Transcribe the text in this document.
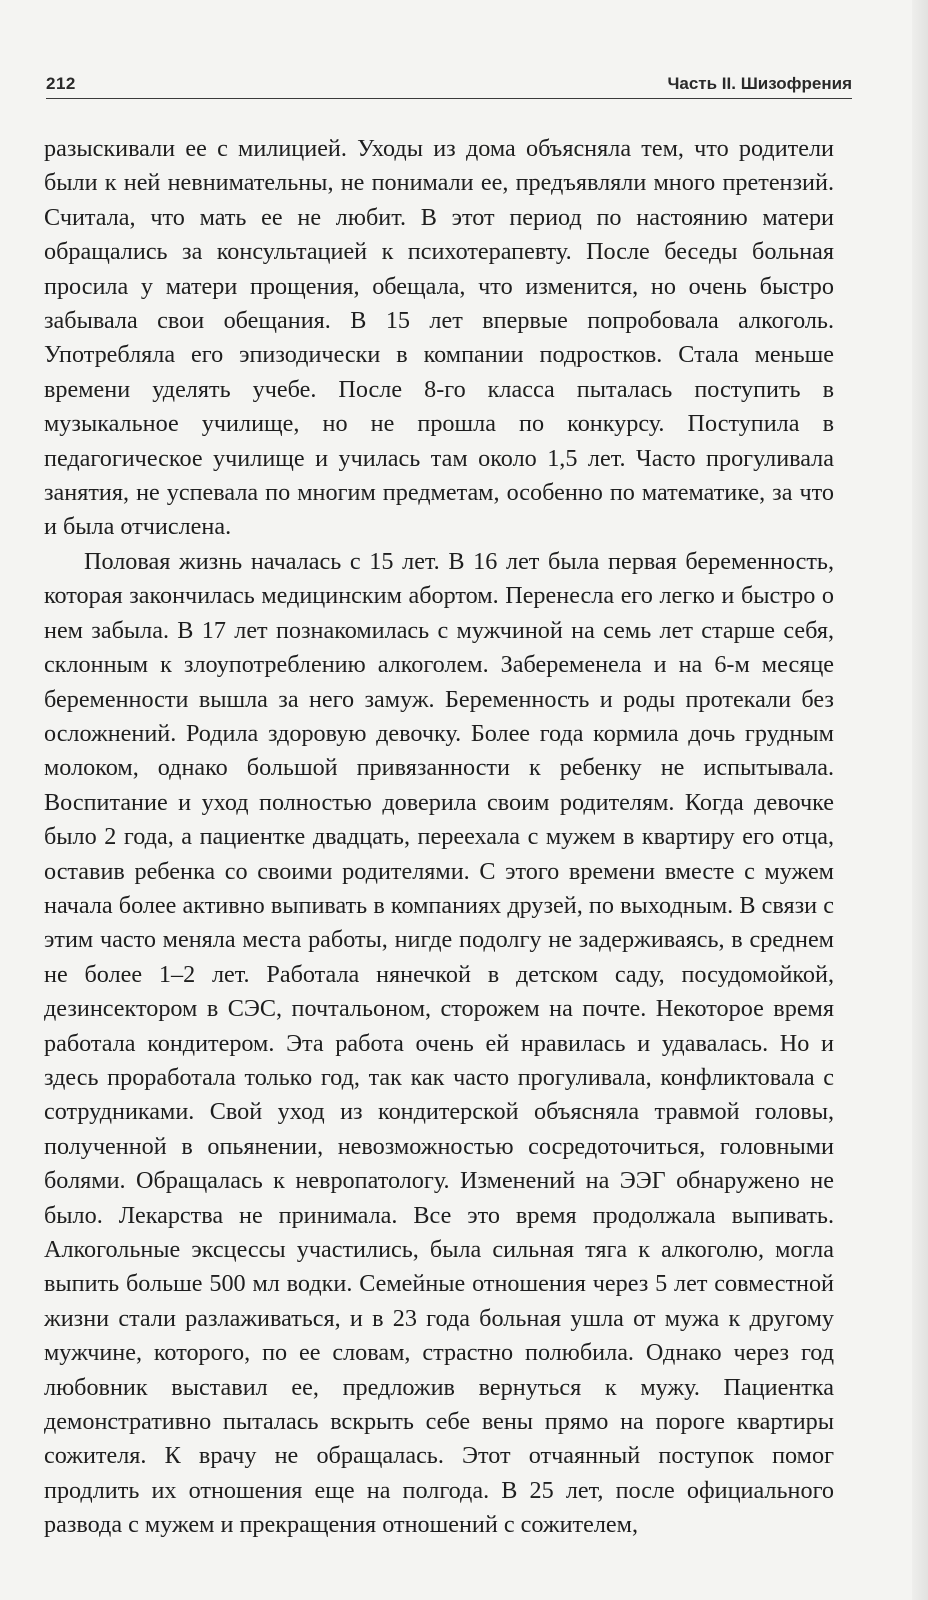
212	Часть II. Шизофрения

разыскивали ее с милицией. Уходы из дома объясняла тем, что родители были к ней невнимательны, не понимали ее, предъявляли много претензий. Считала, что мать ее не любит. В этот период по настоянию матери обращались за консультацией к психотерапевту. После беседы больная просила у матери прощения, обещала, что изменится, но очень быстро забывала свои обещания. В 15 лет впервые попробовала алкоголь. Употребляла его эпизодически в компании подростков. Стала меньше времени уделять учебе. После 8-го класса пыталась поступить в музыкальное училище, но не прошла по конкурсу. Поступила в педагогическое училище и училась там около 1,5 лет. Часто прогуливала занятия, не успевала по многим предметам, особенно по математике, за что и была отчислена.

Половая жизнь началась с 15 лет. В 16 лет была первая беременность, которая закончилась медицинским абортом. Перенесла его легко и быстро о нем забыла. В 17 лет познакомилась с мужчиной на семь лет старше себя, склонным к злоупотреблению алкоголем. Забеременела и на 6-м месяце беременности вышла за него замуж. Беременность и роды протекали без осложнений. Родила здоровую девочку. Более года кормила дочь грудным молоком, однако большой привязанности к ребенку не испытывала. Воспитание и уход полностью доверила своим родителям. Когда девочке было 2 года, а пациентке двадцать, переехала с мужем в квартиру его отца, оставив ребенка со своими родителями. С этого времени вместе с мужем начала более активно выпивать в компаниях друзей, по выходным. В связи с этим часто меняла места работы, нигде подолгу не задерживаясь, в среднем не более 1–2 лет. Работала нянечкой в детском саду, посудомойкой, дезинсектором в СЭС, почтальоном, сторожем на почте. Некоторое время работала кондитером. Эта работа очень ей нравилась и удавалась. Но и здесь проработала только год, так как часто прогуливала, конфликтовала с сотрудниками. Свой уход из кондитерской объясняла травмой головы, полученной в опьянении, невозможностью сосредоточиться, головными болями. Обращалась к невропатологу. Изменений на ЭЭГ обнаружено не было. Лекарства не принимала. Все это время продолжала выпивать. Алкогольные эксцессы участились, была сильная тяга к алкоголю, могла выпить больше 500 мл водки. Семейные отношения через 5 лет совместной жизни стали разлаживаться, и в 23 года больная ушла от мужа к другому мужчине, которого, по ее словам, страстно полюбила. Однако через год любовник выставил ее, предложив вернуться к мужу. Пациентка демонстративно пыталась вскрыть себе вены прямо на пороге квартиры сожителя. К врачу не обращалась. Этот отчаянный поступок помог продлить их отношения еще на полгода. В 25 лет, после официального развода с мужем и прекращения отношений с сожителем,
